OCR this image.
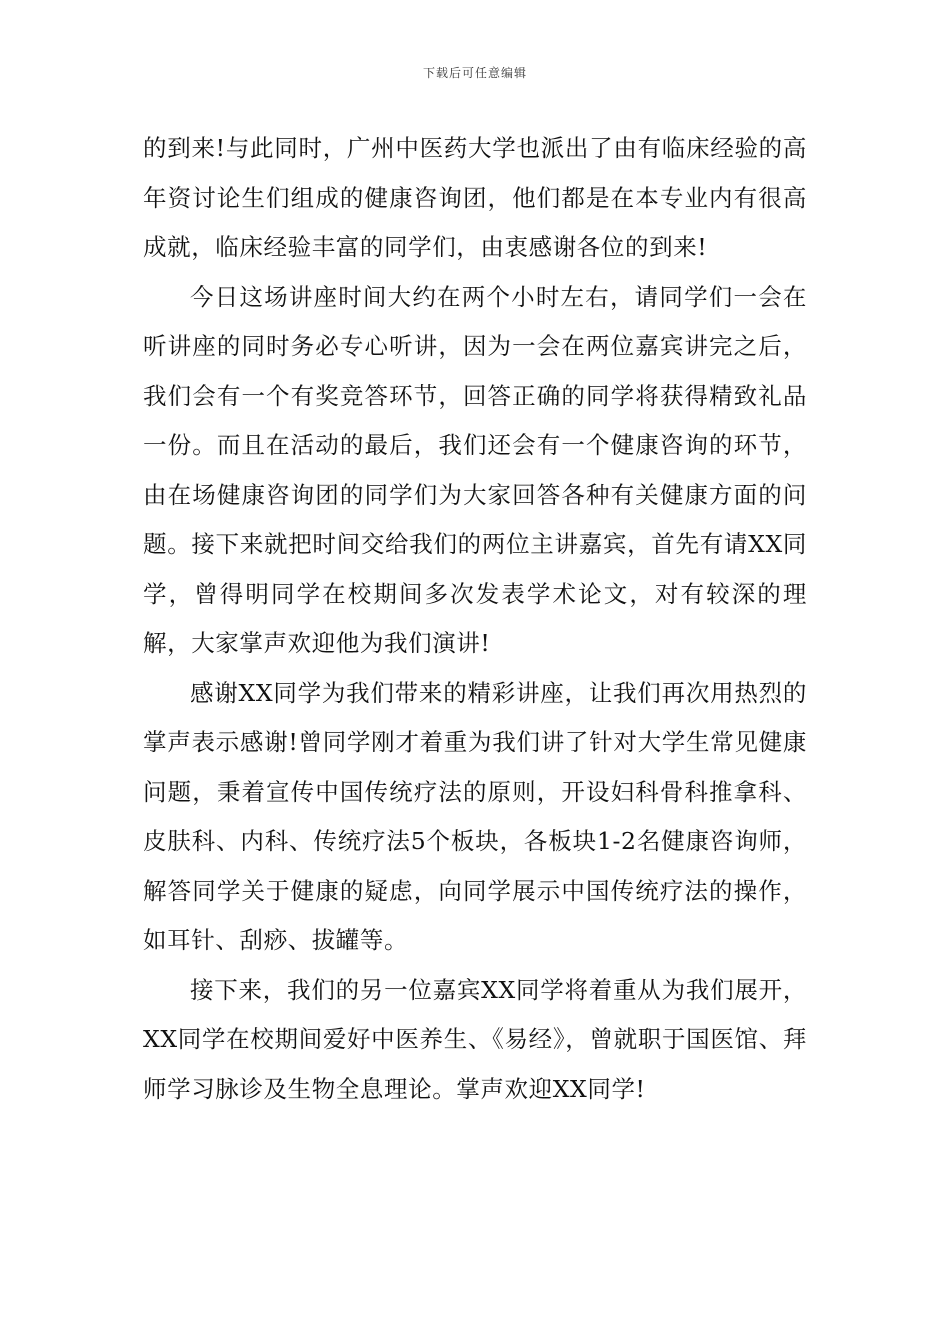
下载后可任意编辑

的到来!与此同时，广州中医药大学也派出了由有临床经验的高年资讨论生们组成的健康咨询团，他们都是在本专业内有很高成就，临床经验丰富的同学们，由衷感谢各位的到来!

今日这场讲座时间大约在两个小时左右，请同学们一会在听讲座的同时务必专心听讲，因为一会在两位嘉宾讲完之后，我们会有一个有奖竞答环节，回答正确的同学将获得精致礼品一份。而且在活动的最后，我们还会有一个健康咨询的环节，由在场健康咨询团的同学们为大家回答各种有关健康方面的问题。接下来就把时间交给我们的两位主讲嘉宾，首先有请XX同学，曾得明同学在校期间多次发表学术论文，对有较深的理解，大家掌声欢迎他为我们演讲!

感谢XX同学为我们带来的精彩讲座，让我们再次用热烈的掌声表示感谢!曾同学刚才着重为我们讲了针对大学生常见健康问题，秉着宣传中国传统疗法的原则，开设妇科骨科推拿科、皮肤科、内科、传统疗法5个板块，各板块1-2名健康咨询师，解答同学关于健康的疑虑，向同学展示中国传统疗法的操作，如耳针、刮痧、拔罐等。

接下来，我们的另一位嘉宾XX同学将着重从为我们展开，XX同学在校期间爱好中医养生、《易经》，曾就职于国医馆、拜师学习脉诊及生物全息理论。掌声欢迎XX同学!
